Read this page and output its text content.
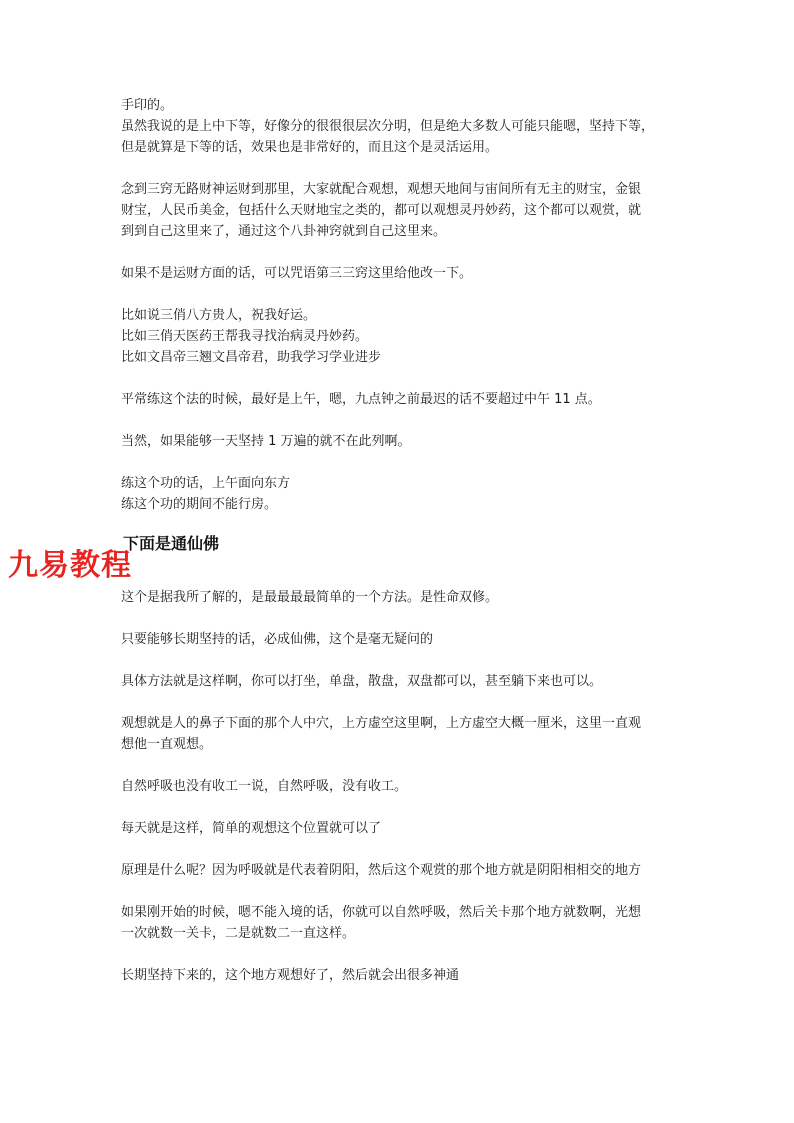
手印的。
虽然我说的是上中下等，好像分的很很很层次分明，但是绝大多数人可能只能嗯，坚持下等，
但是就算是下等的话，效果也是非常好的，而且这个是灵活运用。

念到三窍无路财神运财到那里，大家就配合观想，观想天地间与宙间所有无主的财宝，金银
财宝，人民币美金，包括什么天财地宝之类的，都可以观想灵丹妙药，这个都可以观赏，就
到到自己这里来了，通过这个八卦神窍就到自己这里来。

如果不是运财方面的话，可以咒语第三三窍这里给他改一下。

比如说三俏八方贵人，祝我好运。
比如三俏天医药王帮我寻找治病灵丹妙药。
比如文昌帝三翘文昌帝君，助我学习学业进步

平常练这个法的时候，最好是上午，嗯，九点钟之前最迟的话不要超过中午 11 点。

当然，如果能够一天坚持 1 万遍的就不在此列啊。

练这个功的话，上午面向东方
练这个功的期间不能行房。

下面是通仙佛

这个是据我所了解的，是最最最最简单的一个方法。是性命双修。

只要能够长期坚持的话，必成仙佛，这个是毫无疑问的

具体方法就是这样啊，你可以打坐，单盘，散盘，双盘都可以，甚至躺下来也可以。

观想就是人的鼻子下面的那个人中穴，上方虚空这里啊，上方虚空大概一厘米，这里一直观
想他一直观想。

自然呼吸也没有收工一说，自然呼吸，没有收工。

每天就是这样，简单的观想这个位置就可以了

原理是什么呢？因为呼吸就是代表着阴阳，然后这个观赏的那个地方就是阴阳相相交的地方

如果刚开始的时候，嗯不能入境的话，你就可以自然呼吸，然后关卡那个地方就数啊，光想
一次就数一关卡，二是就数二一直这样。

长期坚持下来的，这个地方观想好了，然后就会出很多神通

九易教程
